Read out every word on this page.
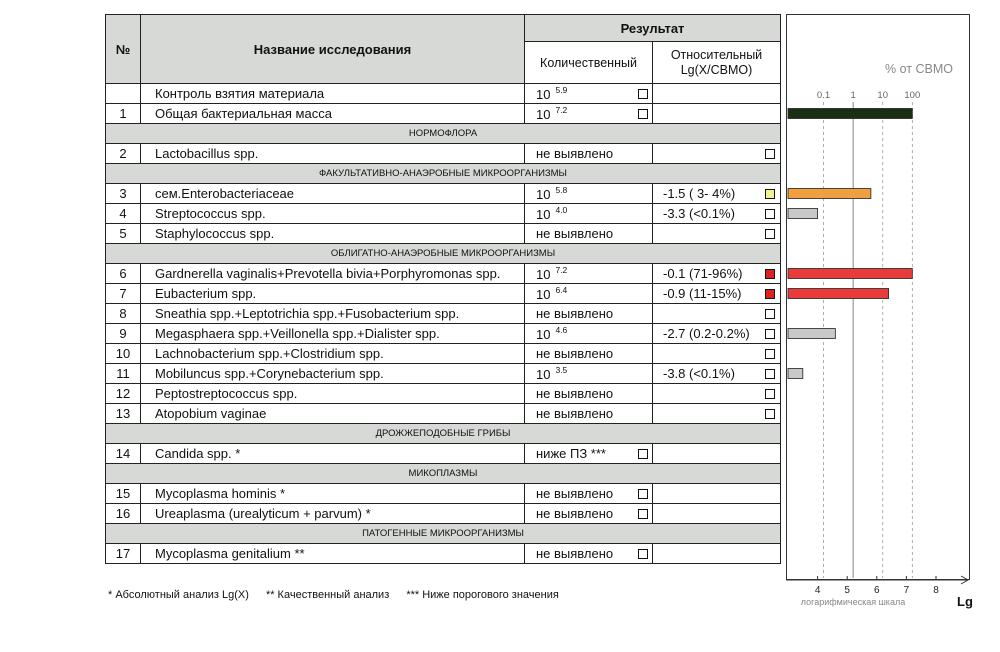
№	Название исследования	Результат	
		Количественный	Относительный
Lg(X/СВМО)
	Контроль взятия материала	10 $^{5.9}$

1	Общая бактериальная масса	10 $^{7.2}$

НОРМОФЛОРА			
2	Lactobacillus spp.	не выявлено	

ФАКУЛЬТАТИВНО-АНАЭРОБНЫЕ МИКРООРГАНИЗМЫ			
3	сем.Enterobacteriaceae	10 $^{5.8}$	-1.5 ( 3- 4%)

4	Streptococcus spp.	10 $^{4.0}$	-3.3 (<0.1%)

5	Staphylococcus spp.	не выявлено	

ОБЛИГАТНО-АНАЭРОБНЫЕ МИКРООРГАНИЗМЫ			
6	Gardnerella vaginalis+Prevotella bivia+Porphyromonas spp.	10 $^{7.2}$	-0.1 (71-96%)

7	Eubacterium spp.	10 $^{6.4}$	-0.9 (11-15%)

8	Sneathia spp.+Leptotrichia spp.+Fusobacterium spp.	не выявлено	

9	Megasphaera spp.+Veillonella spp.+Dialister spp.	10 $^{4.6}$	-2.7 (0.2-0.2%)

10	Lachnobacterium spp.+Clostridium spp.	не выявлено	

11	Mobiluncus spp.+Corynebacterium spp.	10 $^{3.5}$	-3.8 (<0.1%)

12	Peptostreptococcus spp.	не выявлено	

13	Atopobium vaginae	не выявлено	

ДРОЖЖЕПОДОБНЫЕ ГРИБЫ			
14	Candida spp. *	ниже ПЗ ***

МИКОПЛАЗМЫ			
15	Mycoplasma hominis *	не выявлено

16	Ureaplasma (urealyticum + parvum) *	не выявлено

ПАТОГЕННЫЕ МИКРООРГАНИЗМЫ			
17	Mycoplasma genitalium **	не выявлено

% от СВМО
0.1 1 10 100
4 5 6 7 8
логарифмическая шкала	Lg
* Абсолютный анализ Lg(X) ** Качественный анализ *** Ниже порогового значения
